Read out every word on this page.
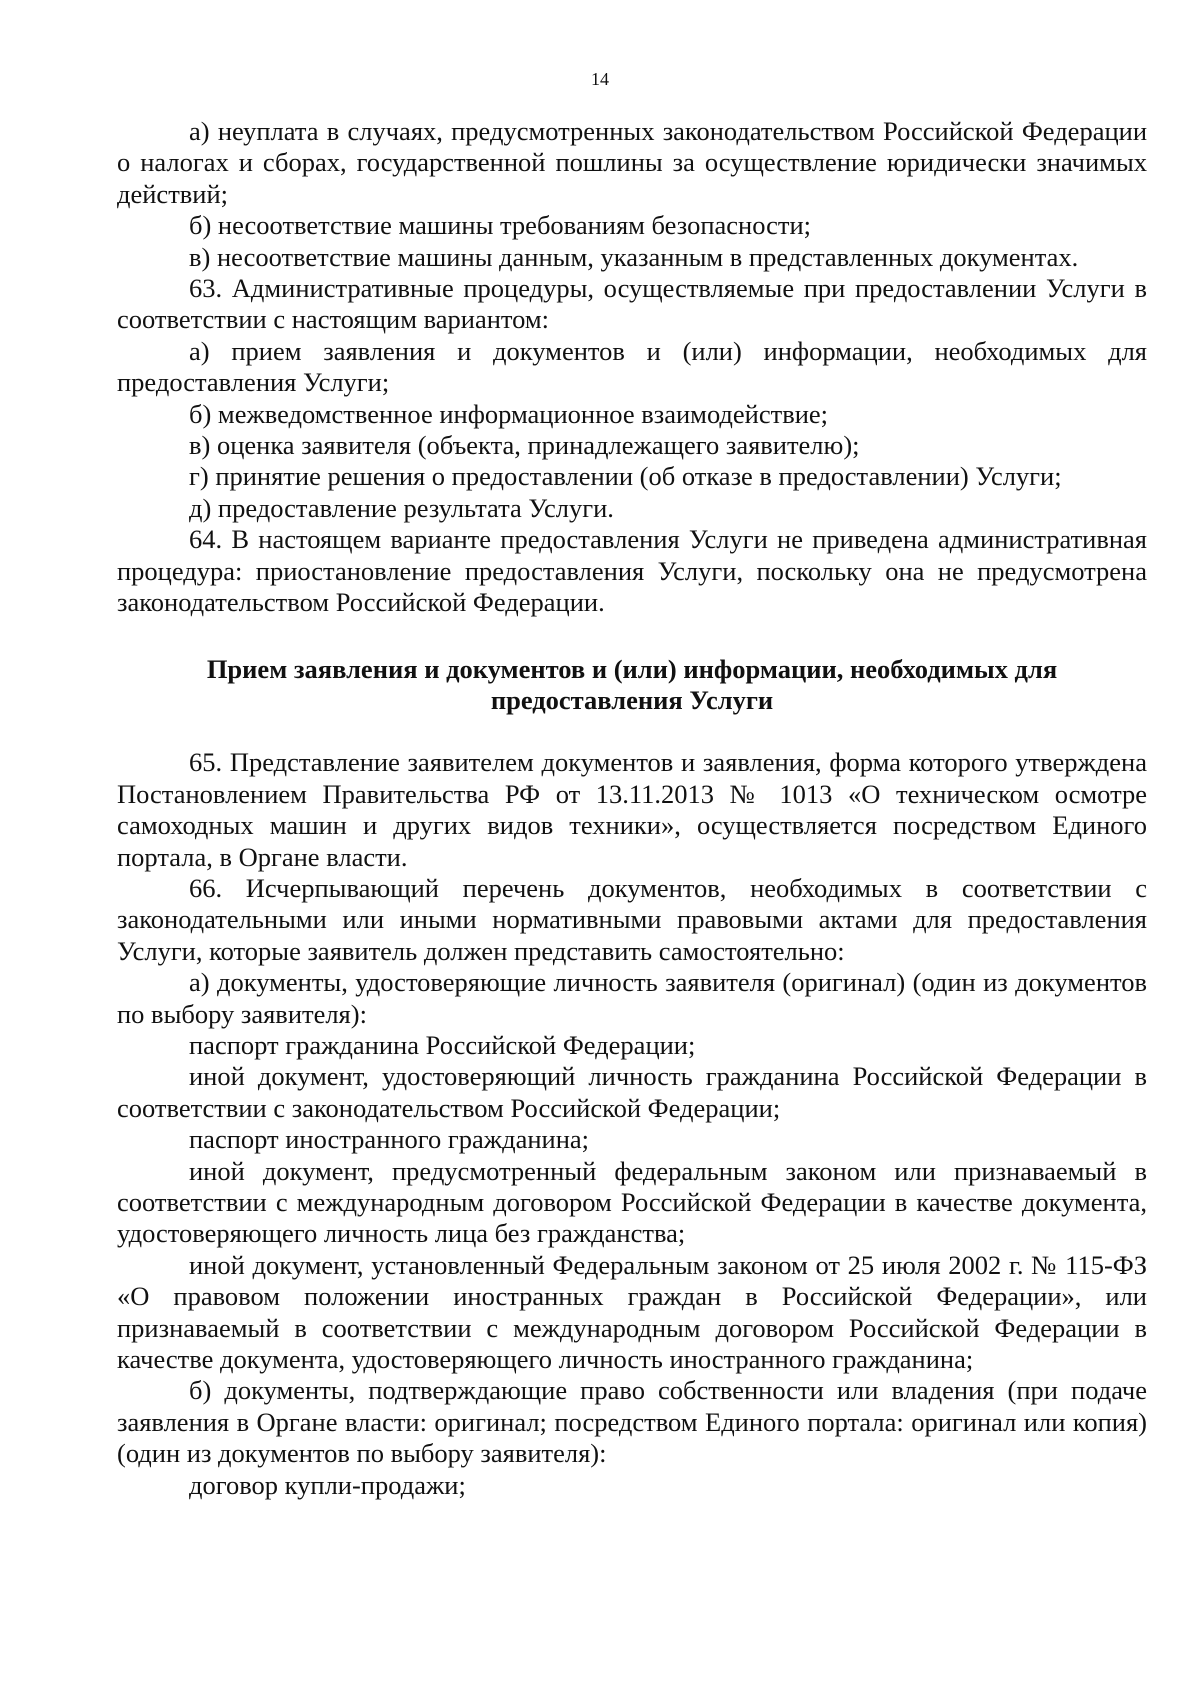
14

а) неуплата в случаях, предусмотренных законодательством Российской Федерации о налогах и сборах, государственной пошлины за осуществление юридически значимых действий;

б) несоответствие машины требованиям безопасности;

в) несоответствие машины данным, указанным в представленных документах.

63. Административные процедуры, осуществляемые при предоставлении Услуги в соответствии с настоящим вариантом:

а) прием заявления и документов и (или) информации, необходимых для предоставления Услуги;

б) межведомственное информационное взаимодействие;

в) оценка заявителя (объекта, принадлежащего заявителю);

г) принятие решения о предоставлении (об отказе в предоставлении) Услуги;

д) предоставление результата Услуги.

64. В настоящем варианте предоставления Услуги не приведена административная процедура: приостановление предоставления Услуги, поскольку она не предусмотрена законодательством Российской Федерации.

Прием заявления и документов и (или) информации, необходимых для
предоставления Услуги

65. Представление заявителем документов и заявления, форма которого утверждена Постановлением Правительства РФ от 13.11.2013 № 1013 «О техническом осмотре самоходных машин и других видов техники», осуществляется посредством Единого портала, в Органе власти.

66. Исчерпывающий перечень документов, необходимых в соответствии с законодательными или иными нормативными правовыми актами для предоставления Услуги, которые заявитель должен представить самостоятельно:

а) документы, удостоверяющие личность заявителя (оригинал) (один из документов по выбору заявителя):

паспорт гражданина Российской Федерации;

иной документ, удостоверяющий личность гражданина Российской Федерации в соответствии с законодательством Российской Федерации;

паспорт иностранного гражданина;

иной документ, предусмотренный федеральным законом или признаваемый в соответствии с международным договором Российской Федерации в качестве документа, удостоверяющего личность лица без гражданства;

иной документ, установленный Федеральным законом от 25 июля 2002 г. № 115-ФЗ «О правовом положении иностранных граждан в Российской Федерации», или признаваемый в соответствии с международным договором Российской Федерации в качестве документа, удостоверяющего личность иностранного гражданина;

б) документы, подтверждающие право собственности или владения (при подаче заявления в Органе власти: оригинал; посредством Единого портала: оригинал или копия) (один из документов по выбору заявителя):

договор купли-продажи;
